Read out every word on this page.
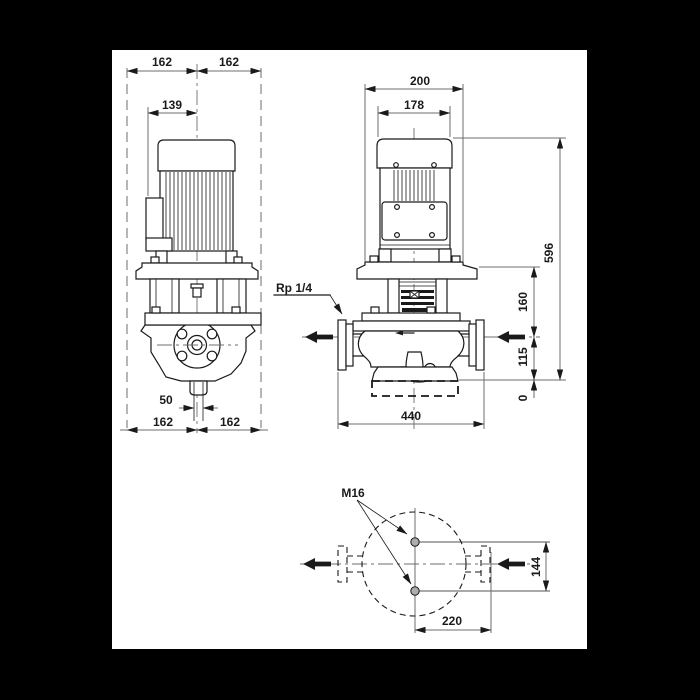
162	162
139
50
162	162
200
178
Rp 1/4
596
160
115
0
440
M16
144
220
